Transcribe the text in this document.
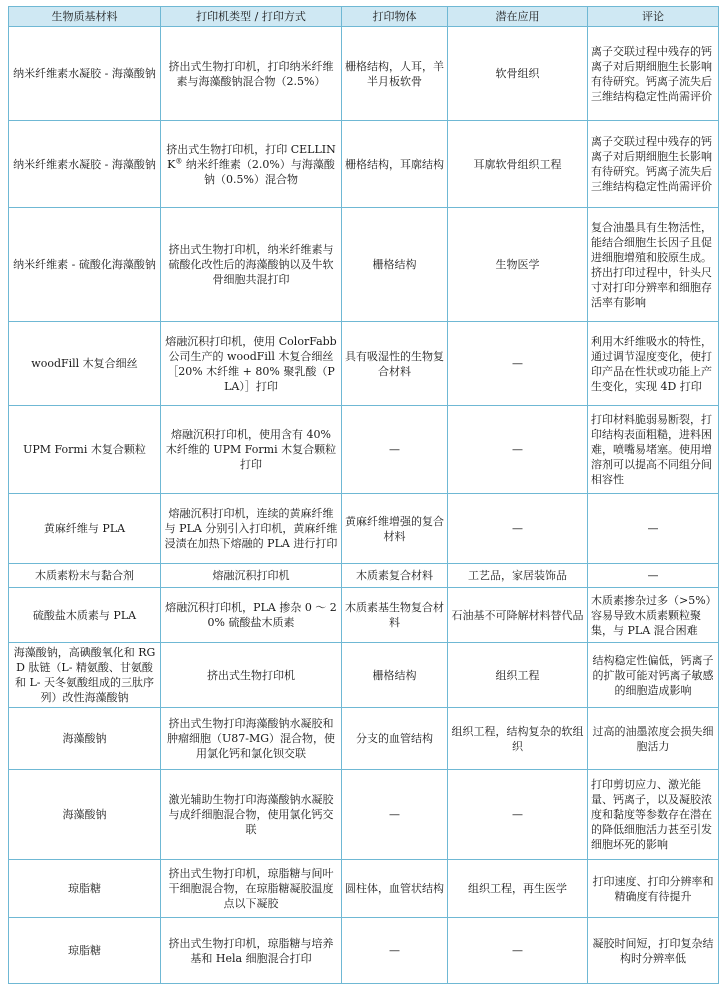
生物质基材料	打印机类型 / 打印方式	打印物体	潜在应用	评论
纳米纤维素水凝胶 - 海藻酸钠	挤出式生物打印机，打印纳米纤维素与海藻酸钠混合物（2.5%）	栅格结构，人耳，羊半月板软骨	软骨组织	离子交联过程中残存的钙离子对后期细胞生长影响有待研究。钙离子流失后三维结构稳定性尚需评价
纳米纤维素水凝胶 - 海藻酸钠	挤出式生物打印机，打印 CELLINK® 纳米纤维素（2.0%）与海藻酸钠（0.5%）混合物	栅格结构，耳廓结构	耳廓软骨组织工程	离子交联过程中残存的钙离子对后期细胞生长影响有待研究。钙离子流失后三维结构稳定性尚需评价
纳米纤维素 - 硫酸化海藻酸钠	挤出式生物打印机，纳米纤维素与硫酸化改性后的海藻酸钠以及牛软骨细胞共混打印	栅格结构	生物医学	复合油墨具有生物活性，能结合细胞生长因子且促进细胞增殖和胶原生成。挤出打印过程中，针头尺寸对打印分辨率和细胞存活率有影响
woodFill 木复合细丝	熔融沉积打印机，使用 ColorFabb 公司生产的 woodFill 木复合细丝［20% 木纤维 + 80% 聚乳酸（PLA）］打印	具有吸湿性的生物复合材料	—	利用木纤维吸水的特性，通过调节湿度变化，使打印产品在性状或功能上产生变化，实现 4D 打印
UPM Formi 木复合颗粒	熔融沉积打印机，使用含有 40% 木纤维的 UPM Formi 木复合颗粒打印	—	—	打印材料脆弱易断裂，打印结构表面粗糙，进料困难，喷嘴易堵塞。使用增溶剂可以提高不同组分间相容性
黄麻纤维与 PLA	熔融沉积打印机，连续的黄麻纤维与 PLA 分别引入打印机，黄麻纤维浸渍在加热下熔融的 PLA 进行打印	黄麻纤维增强的复合材料	—	—
木质素粉末与黏合剂	熔融沉积打印机	木质素复合材料	工艺品，家居装饰品	—
硫酸盐木质素与 PLA	熔融沉积打印机，PLA 掺杂 0 ～ 20% 硫酸盐木质素	木质素基生物复合材料	石油基不可降解材料替代品	木质素掺杂过多（>5%）容易导致木质素颗粒聚集，与 PLA 混合困难
海藻酸钠，高碘酸氧化和 RGD 肽链（L- 精氨酸、甘氨酸和 L- 天冬氨酸组成的三肽序列）改性海藻酸钠	挤出式生物打印机	栅格结构	组织工程	结构稳定性偏低，钙离子的扩散可能对钙离子敏感的细胞造成影响
海藻酸钠	挤出式生物打印海藻酸钠水凝胶和肿瘤细胞（U87-MG）混合物，使用氯化钙和氯化钡交联	分支的血管结构	组织工程，结构复杂的软组织	过高的油墨浓度会损失细胞活力
海藻酸钠	激光辅助生物打印海藻酸钠水凝胶与成纤细胞混合物，使用氯化钙交联	—	—	打印剪切应力、激光能量、钙离子，以及凝胶浓度和黏度等参数存在潜在的降低细胞活力甚至引发细胞坏死的影响
琼脂糖	挤出式生物打印机，琼脂糖与间叶干细胞混合物，在琼脂糖凝胶温度点以下凝胶	圆柱体，血管状结构	组织工程，再生医学	打印速度、打印分辨率和精确度有待提升
琼脂糖	挤出式生物打印机，琼脂糖与培养基和 Hela 细胞混合打印	—	—	凝胶时间短，打印复杂结构时分辨率低
